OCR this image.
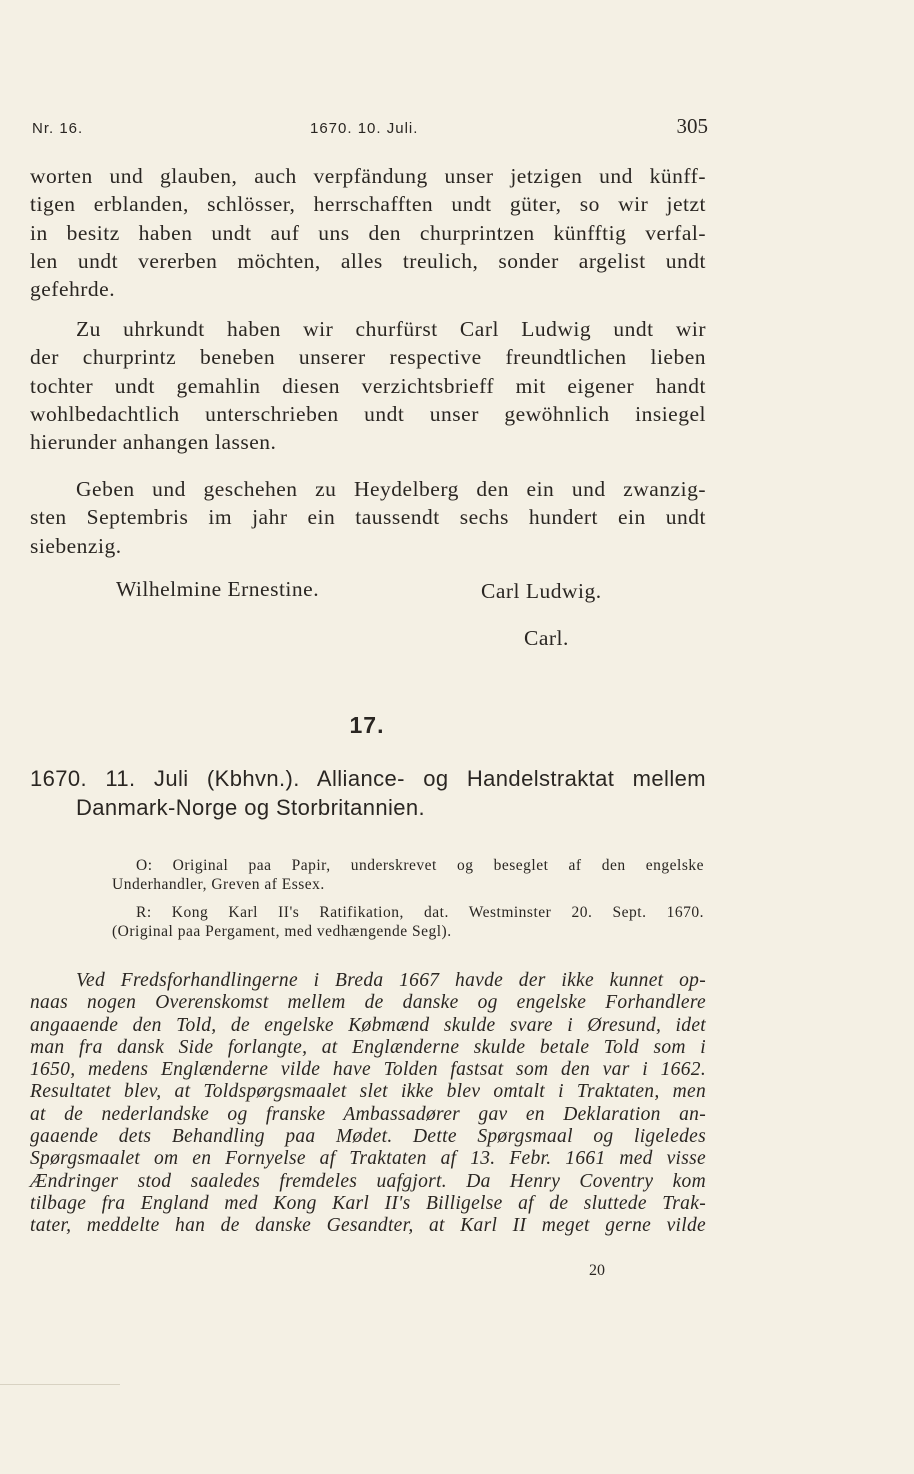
Nr. 16.	1670. 10. Juli.	305

worten und glauben, auch verpfändung unser jetzigen und künff-

tigen erblanden, schlösser, herrschafften undt güter, so wir jetzt

in besitz haben undt auf uns den churprintzen künfftig verfal-

len undt vererben möchten, alles treulich, sonder argelist undt

gefehrde.

Zu uhrkundt haben wir churfürst Carl Ludwig undt wir

der churprintz beneben unserer respective freundtlichen lieben

tochter undt gemahlin diesen verzichtsbrieff mit eigener handt

wohlbedachtlich unterschrieben undt unser gewöhnlich insiegel

hierunder anhangen lassen.

Geben und geschehen zu Heydelberg den ein und zwanzig-

sten Septembris im jahr ein taussendt sechs hundert ein undt

siebenzig.

Wilhelmine Ernestine.	Carl Ludwig.
Carl.
17.
1670. 11. Juli (Kbhvn.). Alliance- og Handelstraktat mellem
Danmark-Norge og Storbritannien.
O: Original paa Papir, underskrevet og beseglet af den engelske
Underhandler, Greven af Essex.
R: Kong Karl II's Ratifikation, dat. Westminster 20. Sept. 1670.
(Original paa Pergament, med vedhængende Segl).
Ved Fredsforhandlingerne i Breda 1667 havde der ikke kunnet op-
naas nogen Overenskomst mellem de danske og engelske Forhandlere
angaaende den Told, de engelske Købmænd skulde svare i Øresund, idet
man fra dansk Side forlangte, at Englænderne skulde betale Told som i
1650, medens Englænderne vilde have Tolden fastsat som den var i 1662.
Resultatet blev, at Toldspørgsmaalet slet ikke blev omtalt i Traktaten, men
at de nederlandske og franske Ambassadører gav en Deklaration an-
gaaende dets Behandling paa Mødet. Dette Spørgsmaal og ligeledes
Spørgsmaalet om en Fornyelse af Traktaten af 13. Febr. 1661 med visse
Ændringer stod saaledes fremdeles uafgjort. Da Henry Coventry kom
tilbage fra England med Kong Karl II's Billigelse af de sluttede Trak-
tater, meddelte han de danske Gesandter, at Karl II meget gerne vilde
20
